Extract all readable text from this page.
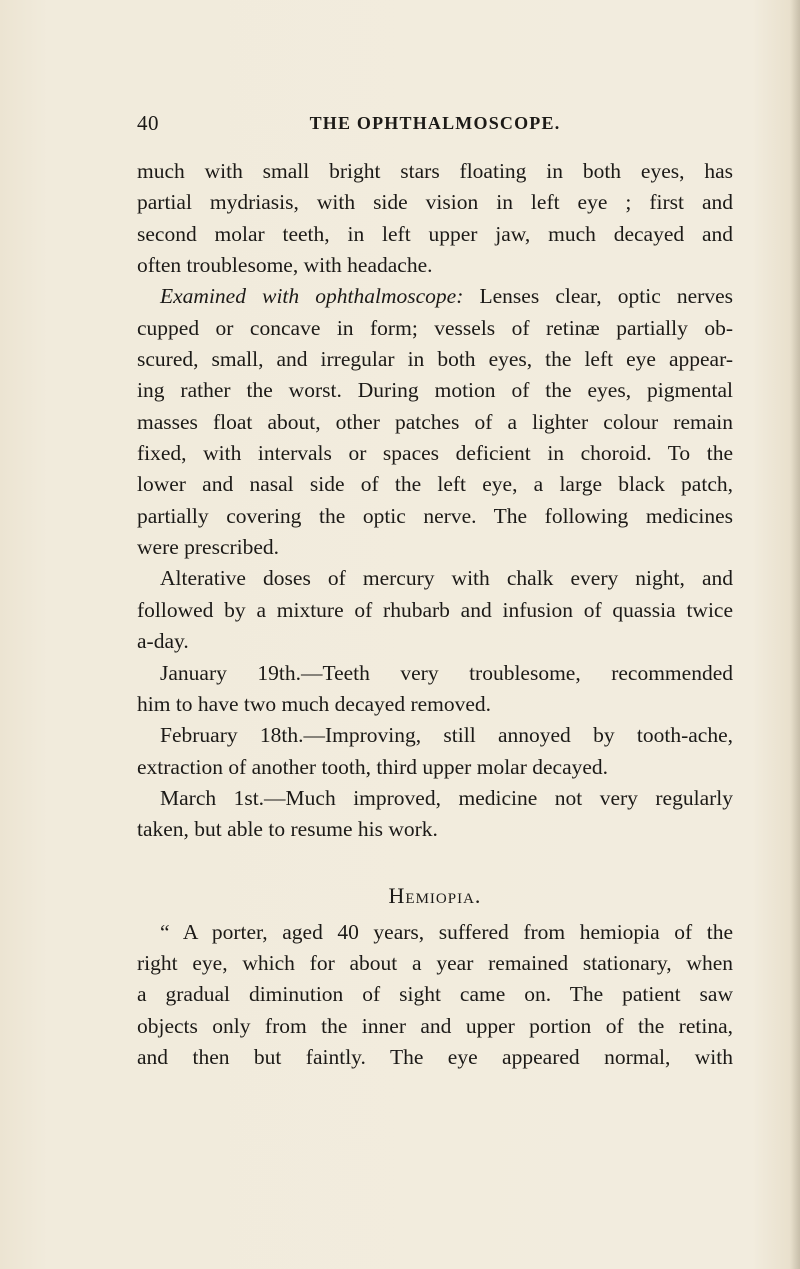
40	THE OPHTHALMOSCOPE.
much with small bright stars floating in both eyes, has
partial mydriasis, with side vision in left eye ; first and
second molar teeth, in left upper jaw, much decayed and
often troublesome, with headache.
Examined with ophthalmoscope: Lenses clear, optic nerves
cupped or concave in form; vessels of retinæ partially ob-
scured, small, and irregular in both eyes, the left eye appear-
ing rather the worst. During motion of the eyes, pigmental
masses float about, other patches of a lighter colour remain
fixed, with intervals or spaces deficient in choroid. To the
lower and nasal side of the left eye, a large black patch,
partially covering the optic nerve. The following medicines
were prescribed.
Alterative doses of mercury with chalk every night, and
followed by a mixture of rhubarb and infusion of quassia twice
a-day.
January 19th.—Teeth very troublesome, recommended
him to have two much decayed removed.
February 18th.—Improving, still annoyed by tooth-ache,
extraction of another tooth, third upper molar decayed.
March 1st.—Much improved, medicine not very regularly
taken, but able to resume his work.
Hemiopia.
“ A porter, aged 40 years, suffered from hemiopia of the
right eye, which for about a year remained stationary, when
a gradual diminution of sight came on. The patient saw
objects only from the inner and upper portion of the retina,
and then but faintly. The eye appeared normal, with
